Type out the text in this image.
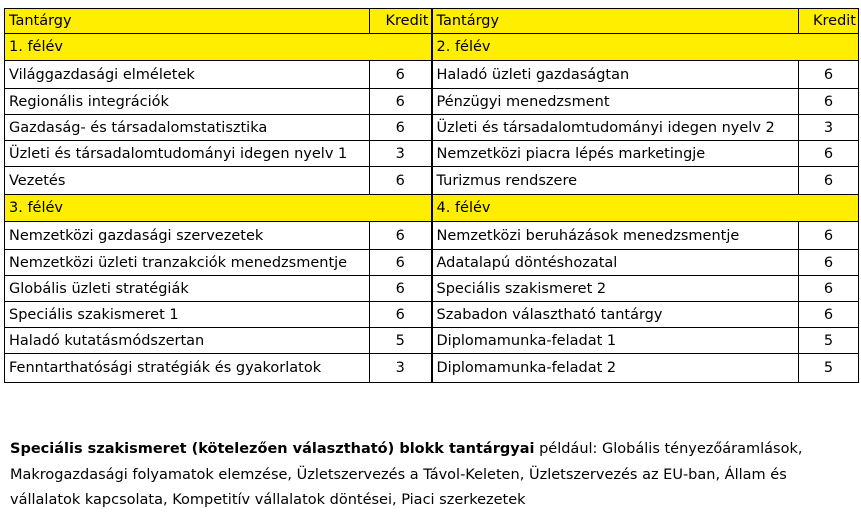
Tantárgy	Kredit	Tantárgy	Kredit
1. félév		2. félév	
Világgazdasági elméletek	6	Haladó üzleti gazdaságtan	6
Regionális integrációk	6	Pénzügyi menedzsment	6
Gazdaság- és társadalomstatisztika	6	Üzleti és társadalomtudományi idegen nyelv 2	3
Üzleti és társadalomtudományi idegen nyelv 1	3	Nemzetközi piacra lépés marketingje	6
Vezetés	6	Turizmus rendszere	6
3. félév		4. félév	
Nemzetközi gazdasági szervezetek	6	Nemzetközi beruházások menedzsmentje	6
Nemzetközi üzleti tranzakciók menedzsmentje	6	Adatalapú döntéshozatal	6
Globális üzleti stratégiák	6	Speciális szakismeret 2	6
Speciális szakismeret 1	6	Szabadon választható tantárgy	6
Haladó kutatásmódszertan	5	Diplomamunka-feladat 1	5
Fenntarthatósági stratégiák és gyakorlatok	3	Diplomamunka-feladat 2	5

Speciális szakismeret (kötelezően választható) blokk tantárgyai például: Globális tényezőáramlások, Makrogazdasági folyamatok elemzése, Üzletszervezés a Távol-Keleten, Üzletszervezés az EU-ban, Állam és vállalatok kapcsolata, Kompetitív vállalatok döntései, Piaci szerkezetek
